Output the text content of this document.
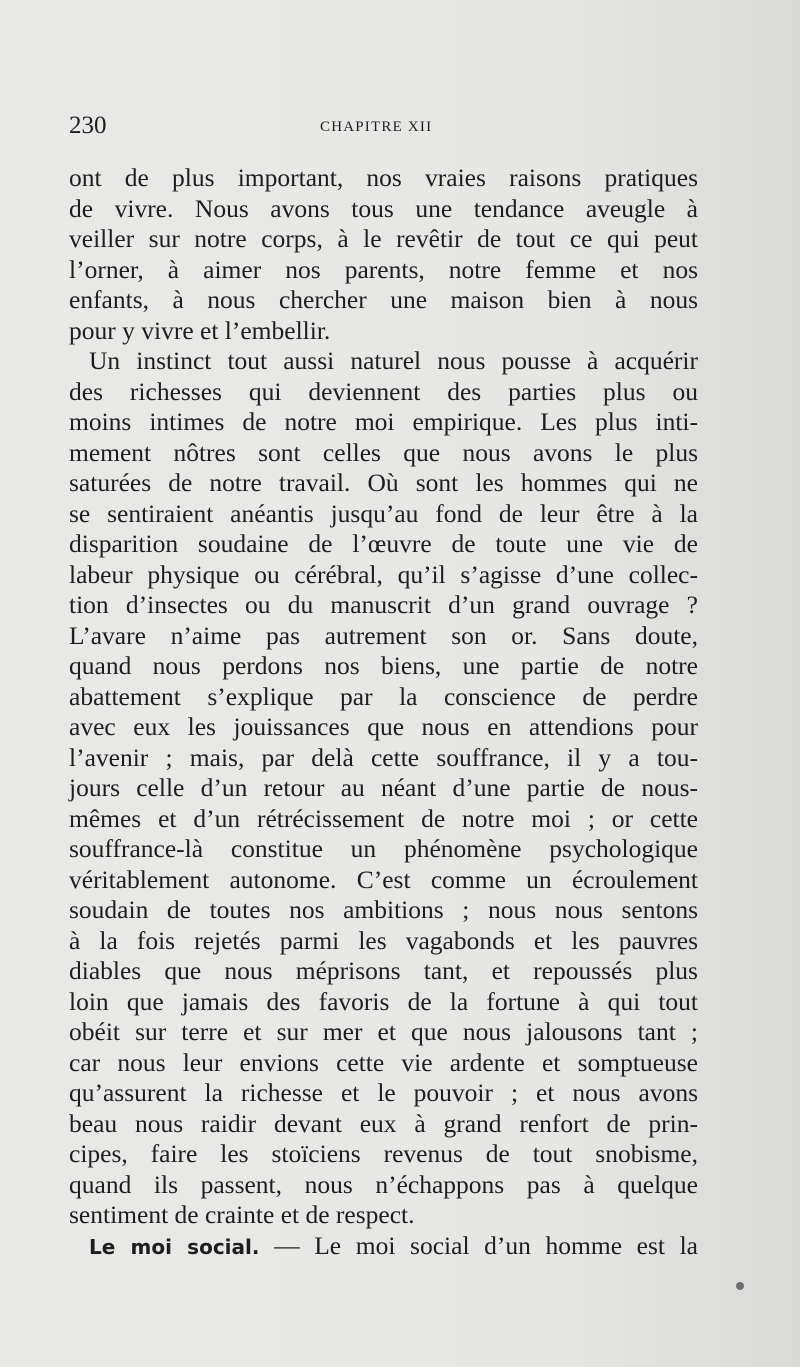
230	CHAPITRE XII
ont de plus important, nos vraies raisons pratiques
de vivre. Nous avons tous une tendance aveugle à
veiller sur notre corps, à le revêtir de tout ce qui peut
l’orner, à aimer nos parents, notre femme et nos
enfants, à nous chercher une maison bien à nous
pour y vivre et l’embellir.
Un instinct tout aussi naturel nous pousse à acquérir
des richesses qui deviennent des parties plus ou
moins intimes de notre moi empirique. Les plus inti-
mement nôtres sont celles que nous avons le plus
saturées de notre travail. Où sont les hommes qui ne
se sentiraient anéantis jusqu’au fond de leur être à la
disparition soudaine de l’œuvre de toute une vie de
labeur physique ou cérébral, qu’il s’agisse d’une collec-
tion d’insectes ou du manuscrit d’un grand ouvrage ?
L’avare n’aime pas autrement son or. Sans doute,
quand nous perdons nos biens, une partie de notre
abattement s’explique par la conscience de perdre
avec eux les jouissances que nous en attendions pour
l’avenir ; mais, par delà cette souffrance, il y a tou-
jours celle d’un retour au néant d’une partie de nous-
mêmes et d’un rétrécissement de notre moi ; or cette
souffrance-là constitue un phénomène psychologique
véritablement autonome. C’est comme un écroulement
soudain de toutes nos ambitions ; nous nous sentons
à la fois rejetés parmi les vagabonds et les pauvres
diables que nous méprisons tant, et repoussés plus
loin que jamais des favoris de la fortune à qui tout
obéit sur terre et sur mer et que nous jalousons tant ;
car nous leur envions cette vie ardente et somptueuse
qu’assurent la richesse et le pouvoir ; et nous avons
beau nous raidir devant eux à grand renfort de prin-
cipes, faire les stoïciens revenus de tout snobisme,
quand ils passent, nous n’échappons pas à quelque
sentiment de crainte et de respect.
Le moi social. — Le moi social d’un homme est la
